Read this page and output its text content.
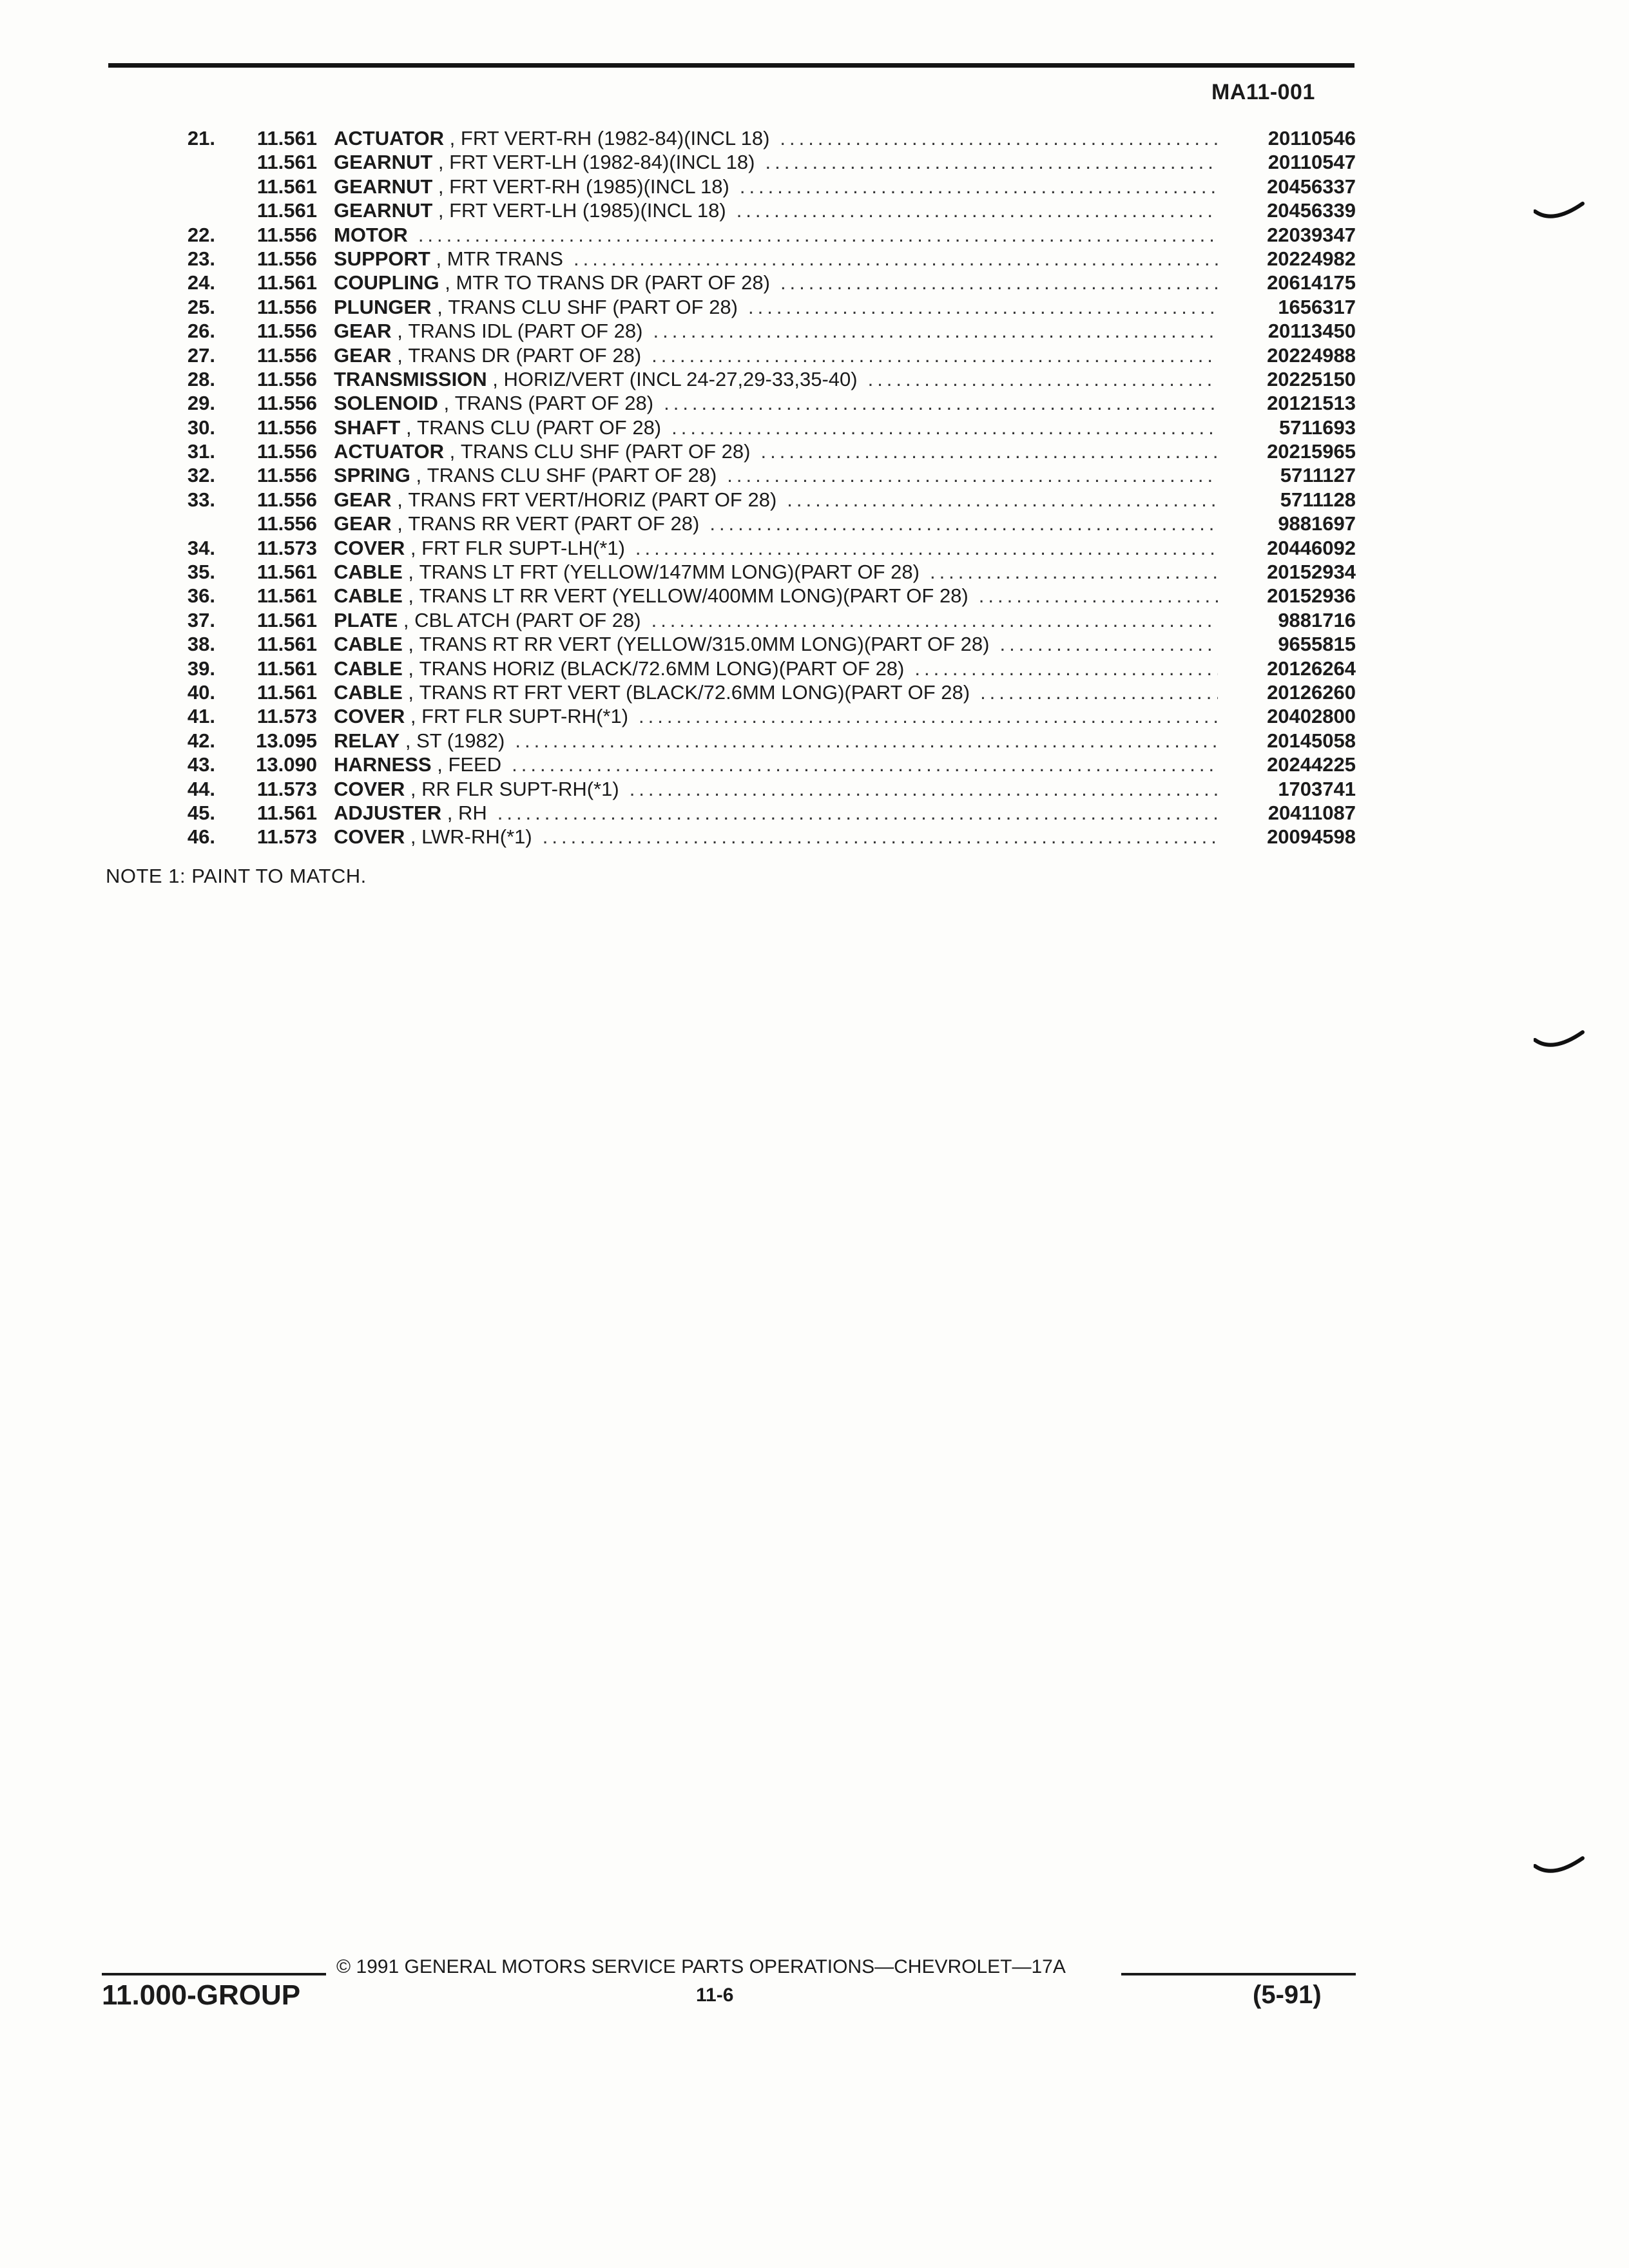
MA11-001
21.	11.561 ACTUATOR , FRT VERT-RH (1982-84)(INCL 18) .....	20110546
11.561 GEARNUT , FRT VERT-LH (1982-84)(INCL 18) .....	20110547
11.561 GEARNUT , FRT VERT-RH (1985)(INCL 18) .....	20456337
11.561 GEARNUT , FRT VERT-LH (1985)(INCL 18) .....	20456339
22.	11.556 MOTOR .....	22039347
23.	11.556 SUPPORT , MTR TRANS .....	20224982
24.	11.561 COUPLING , MTR TO TRANS DR (PART OF 28) .....	20614175
25.	11.556 PLUNGER , TRANS CLU SHF (PART OF 28) .....	1656317
26.	11.556 GEAR , TRANS IDL (PART OF 28) .....	20113450
27.	11.556 GEAR , TRANS DR (PART OF 28) .....	20224988
28.	11.556 TRANSMISSION , HORIZ/VERT (INCL 24-27,29-33,35-40) .....	20225150
29.	11.556 SOLENOID , TRANS (PART OF 28) .....	20121513
30.	11.556 SHAFT , TRANS CLU (PART OF 28) .....	5711693
31.	11.556 ACTUATOR , TRANS CLU SHF (PART OF 28) .....	20215965
32.	11.556 SPRING , TRANS CLU SHF (PART OF 28) .....	5711127
33.	11.556 GEAR , TRANS FRT VERT/HORIZ (PART OF 28) .....	5711128
11.556 GEAR , TRANS RR VERT (PART OF 28) .....	9881697
34.	11.573 COVER , FRT FLR SUPT-LH(*1) .....	20446092
35.	11.561 CABLE , TRANS LT FRT (YELLOW/147MM LONG)(PART OF 28) .....	20152934
36.	11.561 CABLE , TRANS LT RR VERT (YELLOW/400MM LONG)(PART OF 28) .....	20152936
37.	11.561 PLATE , CBL ATCH (PART OF 28) .....	9881716
38.	11.561 CABLE , TRANS RT RR VERT (YELLOW/315.0MM LONG)(PART OF 28) .....	9655815
39.	11.561 CABLE , TRANS HORIZ (BLACK/72.6MM LONG)(PART OF 28) .....	20126264
40.	11.561 CABLE , TRANS RT FRT VERT (BLACK/72.6MM LONG)(PART OF 28) .....	20126260
41.	11.573 COVER , FRT FLR SUPT-RH(*1) .....	20402800
42.	13.095 RELAY , ST (1982) .....	20145058
43.	13.090 HARNESS , FEED .....	20244225
44.	11.573 COVER , RR FLR SUPT-RH(*1) .....	1703741
45.	11.561 ADJUSTER , RH .....	20411087
46.	11.573 COVER , LWR-RH(*1) .....	20094598
NOTE 1: PAINT TO MATCH.
© 1991 GENERAL MOTORS SERVICE PARTS OPERATIONS—CHEVROLET—17A
11.000-GROUP	11-6	(5-91)
